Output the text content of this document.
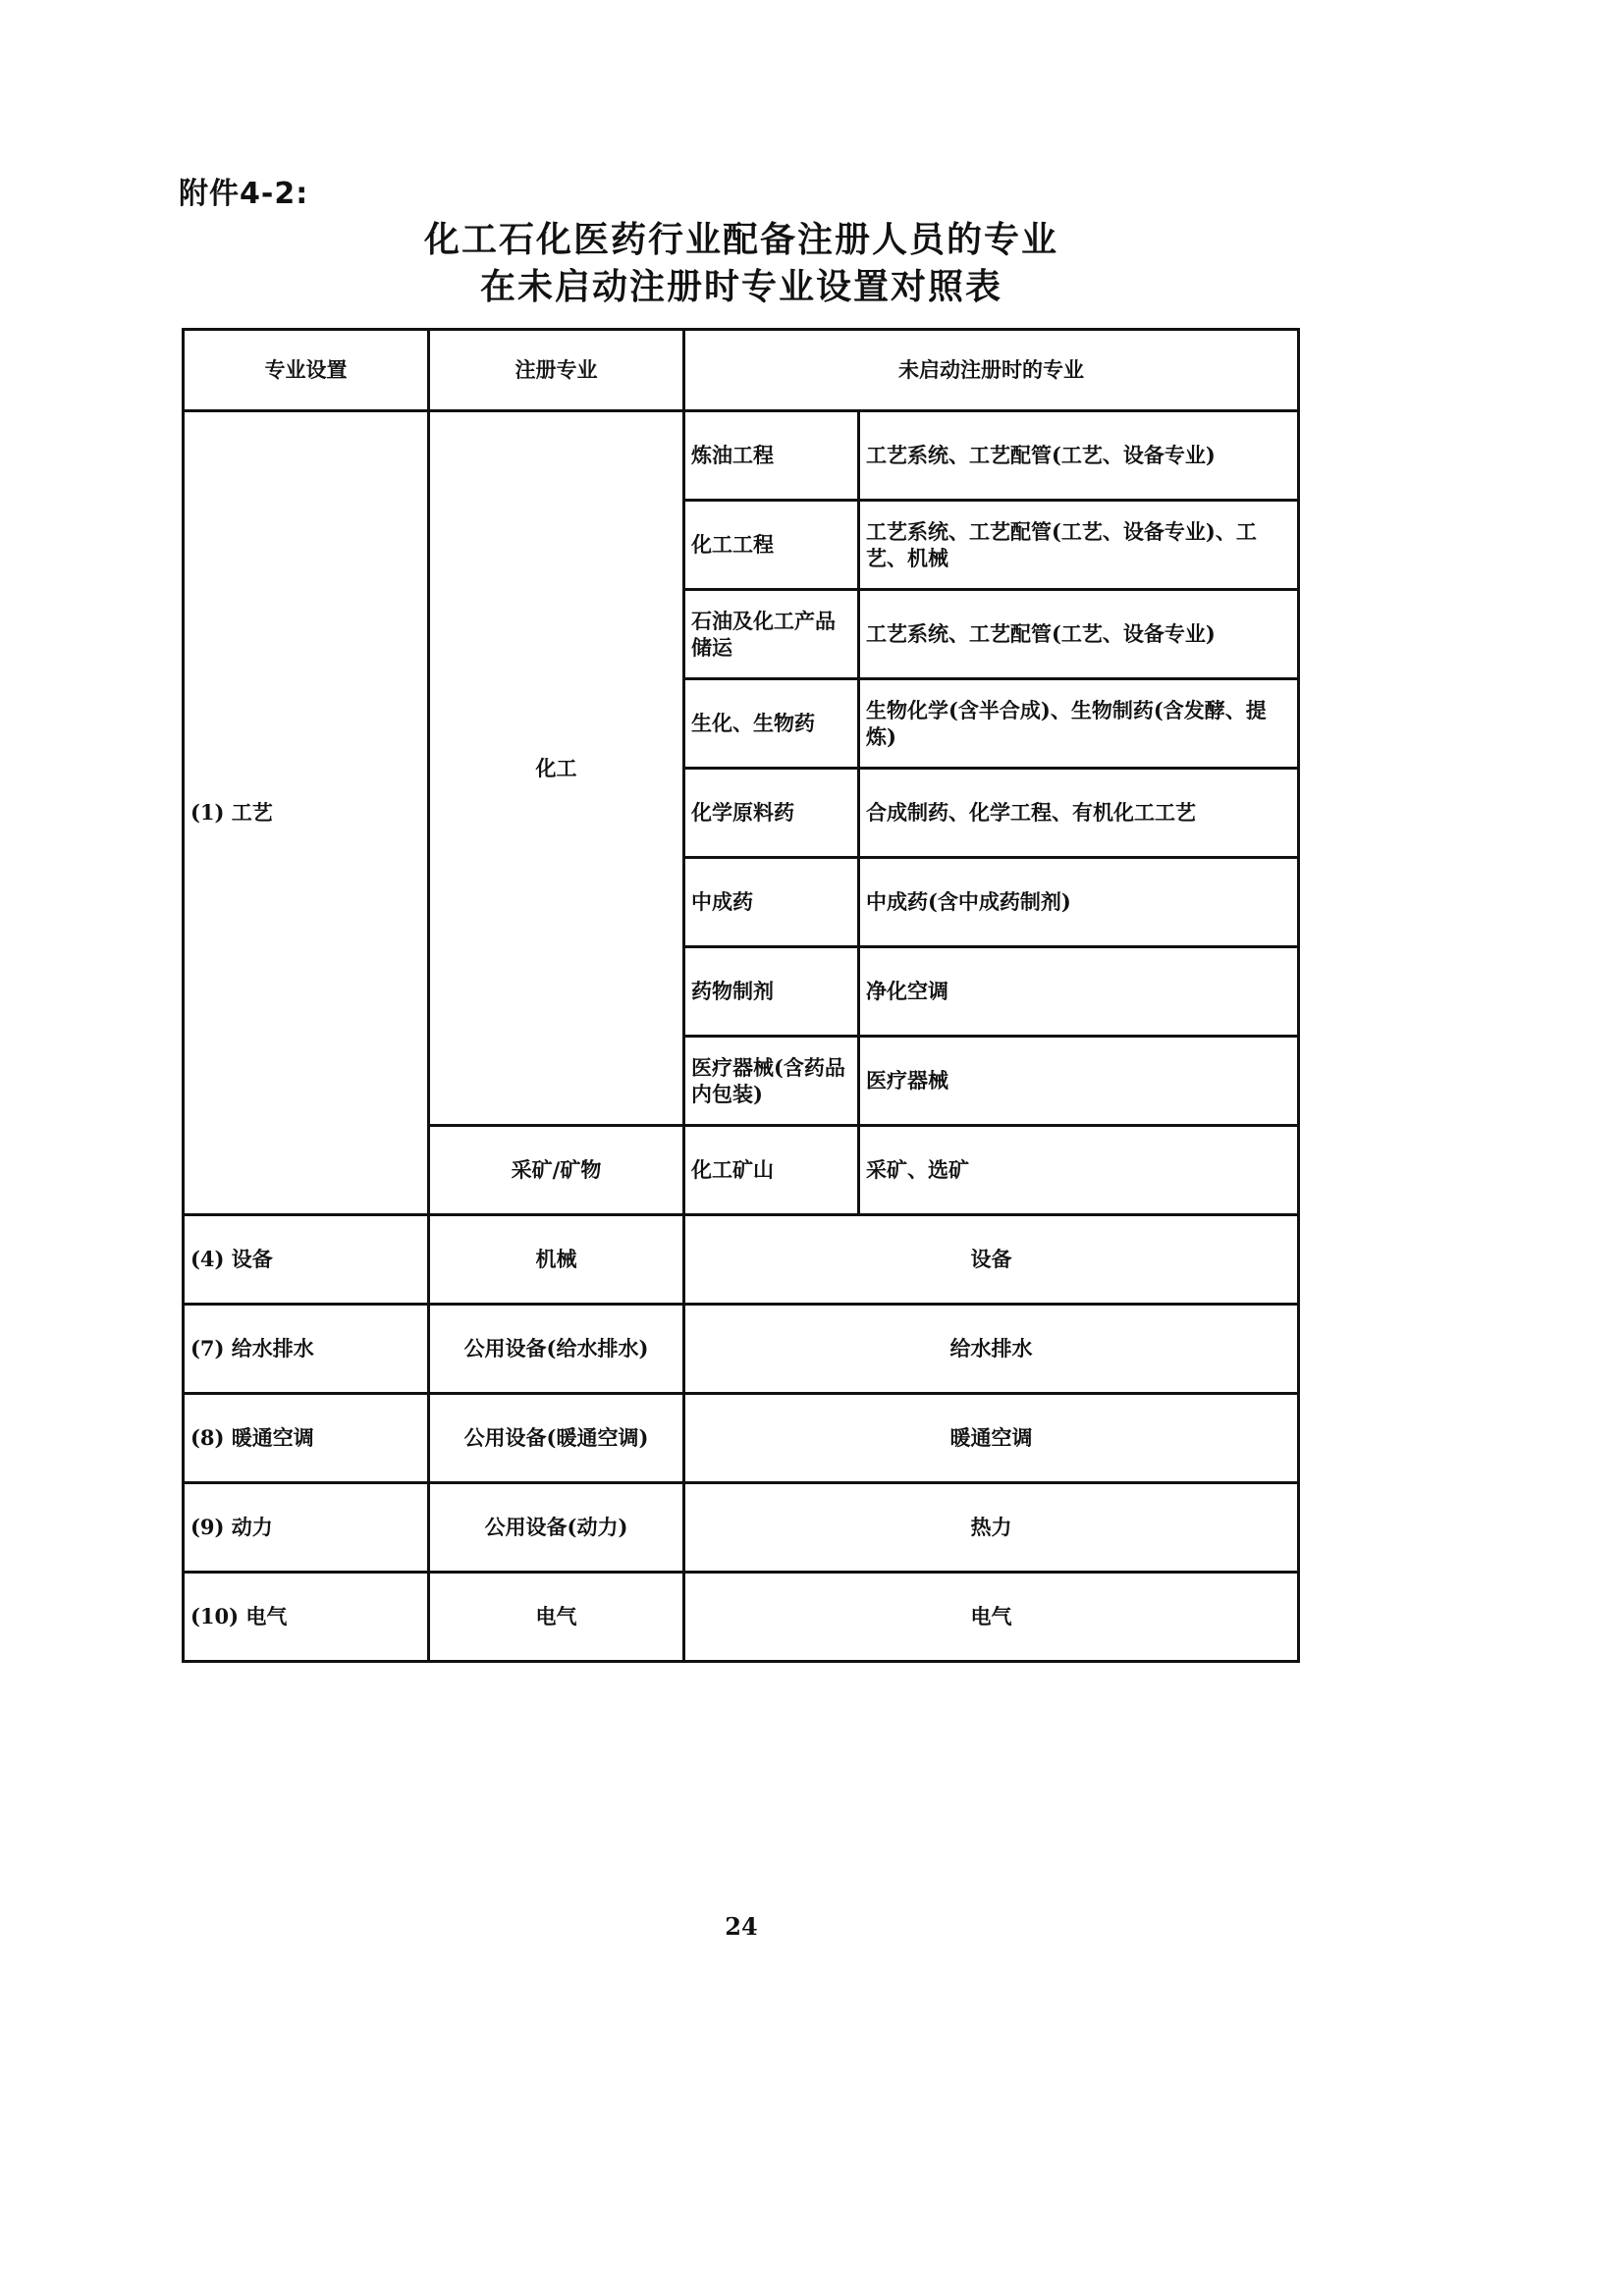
附件4-2:
化工石化医药行业配备注册人员的专业
在未启动注册时专业设置对照表
专业设置	注册专业	未启动注册时的专业	
(1) 工艺	化工	炼油工程	工艺系统、工艺配管(工艺、设备专业)
		化工工程	工艺系统、工艺配管(工艺、设备专业)、工艺、机械
		石油及化工产品储运	工艺系统、工艺配管(工艺、设备专业)
		生化、生物药	生物化学(含半合成)、生物制药(含发酵、提炼)
		化学原料药	合成制药、化学工程、有机化工工艺
		中成药	中成药(含中成药制剂)
		药物制剂	净化空调
		医疗器械(含药品内包装)	医疗器械
	采矿/矿物	化工矿山	采矿、选矿
(4) 设备	机械	设备	
(7) 给水排水	公用设备(给水排水)	给水排水	
(8) 暖通空调	公用设备(暖通空调)	暖通空调	
(9) 动力	公用设备(动力)	热力	
(10) 电气	电气	电气	
24
